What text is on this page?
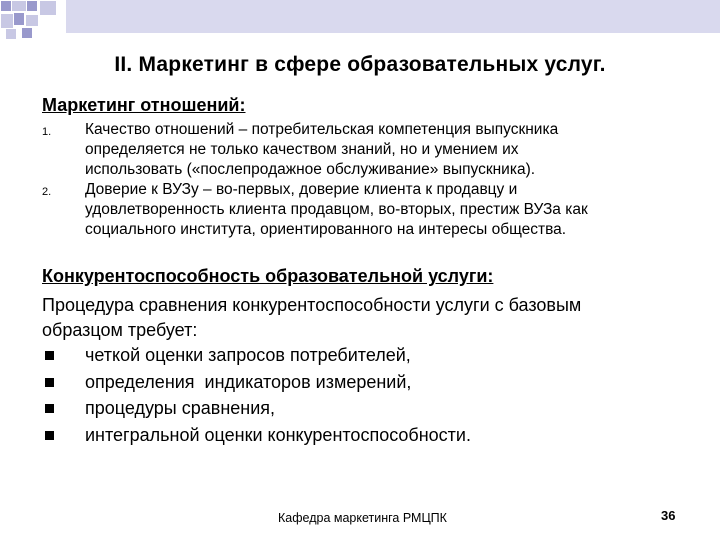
II. Маркетинг в сфере образовательных услуг.
Маркетинг отношений:
1. Качество отношений – потребительская компетенция выпускника
определяется не только качеством знаний, но и умением их
использовать («послепродажное обслуживание» выпускника).
2. Доверие к ВУЗу – во-первых, доверие клиента к продавцу и
удовлетворенность клиента продавцом, во-вторых, престиж ВУЗа как
социального института, ориентированного на интересы общества.
Конкурентоспособность образовательной услуги:
Процедура сравнения конкурентоспособности услуги с базовым
образцом требует:
четкой оценки запросов потребителей,
определения  индикаторов измерений,
процедуры сравнения,
интегральной оценки конкурентоспособности.
Кафедра маркетинга РМЦПК	36
